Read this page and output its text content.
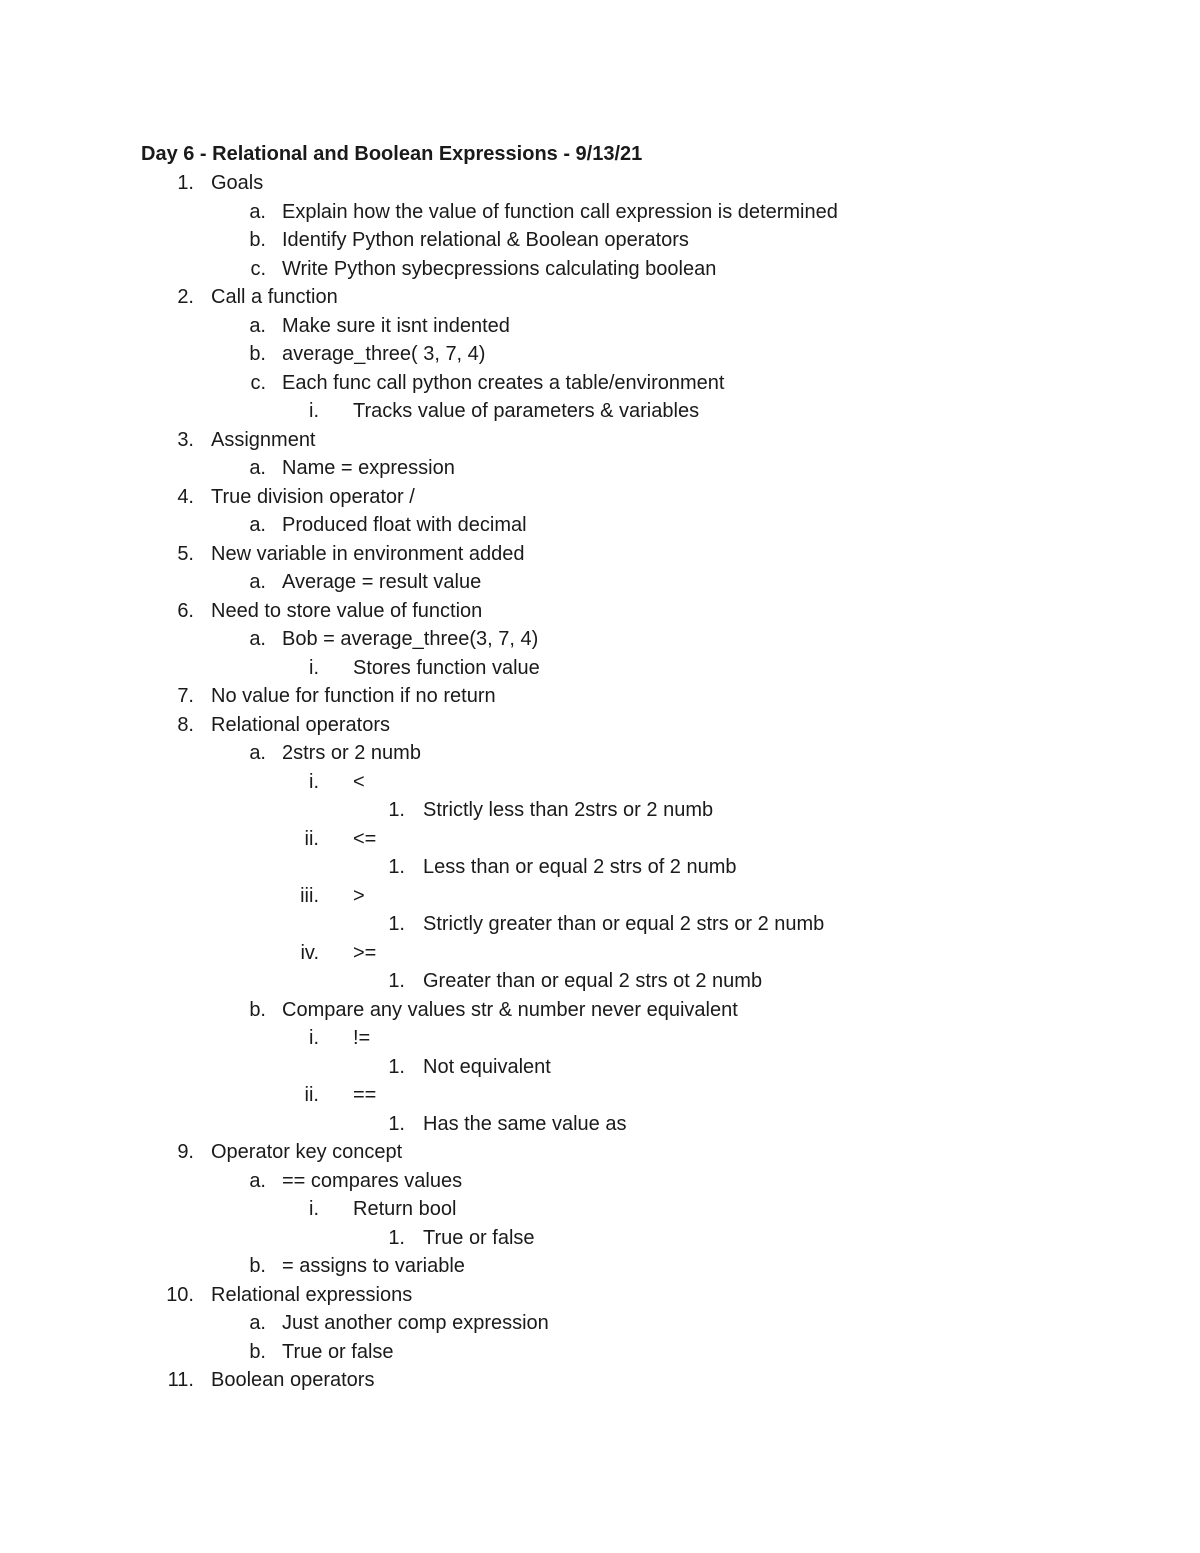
Day 6 - Relational and Boolean Expressions - 9/13/21
1. Goals
a. Explain how the value of function call expression is determined
b. Identify Python relational & Boolean operators
c. Write Python sybecpressions calculating boolean
2. Call a function
a. Make sure it isnt indented
b. average_three( 3, 7, 4)
c. Each func call python creates a table/environment
i. Tracks value of parameters & variables
3. Assignment
a. Name = expression
4. True division operator /
a. Produced float with decimal
5. New variable in environment added
a. Average = result value
6. Need to store value of function
a. Bob = average_three(3, 7, 4)
i. Stores function value
7. No value for function if no return
8. Relational operators
a. 2strs or 2 numb
i. <
1. Strictly less than 2strs or 2 numb
ii. <=
1. Less than or equal 2 strs of 2 numb
iii. >
1. Strictly greater than or equal 2 strs or 2 numb
iv. >=
1. Greater than or equal 2 strs ot 2 numb
b. Compare any values str & number never equivalent
i. !=
1. Not equivalent
ii. ==
1. Has the same value as
9. Operator key concept
a. == compares values
i. Return bool
1. True or false
b. = assigns to variable
10. Relational expressions
a. Just another comp expression
b. True or false
11. Boolean operators
